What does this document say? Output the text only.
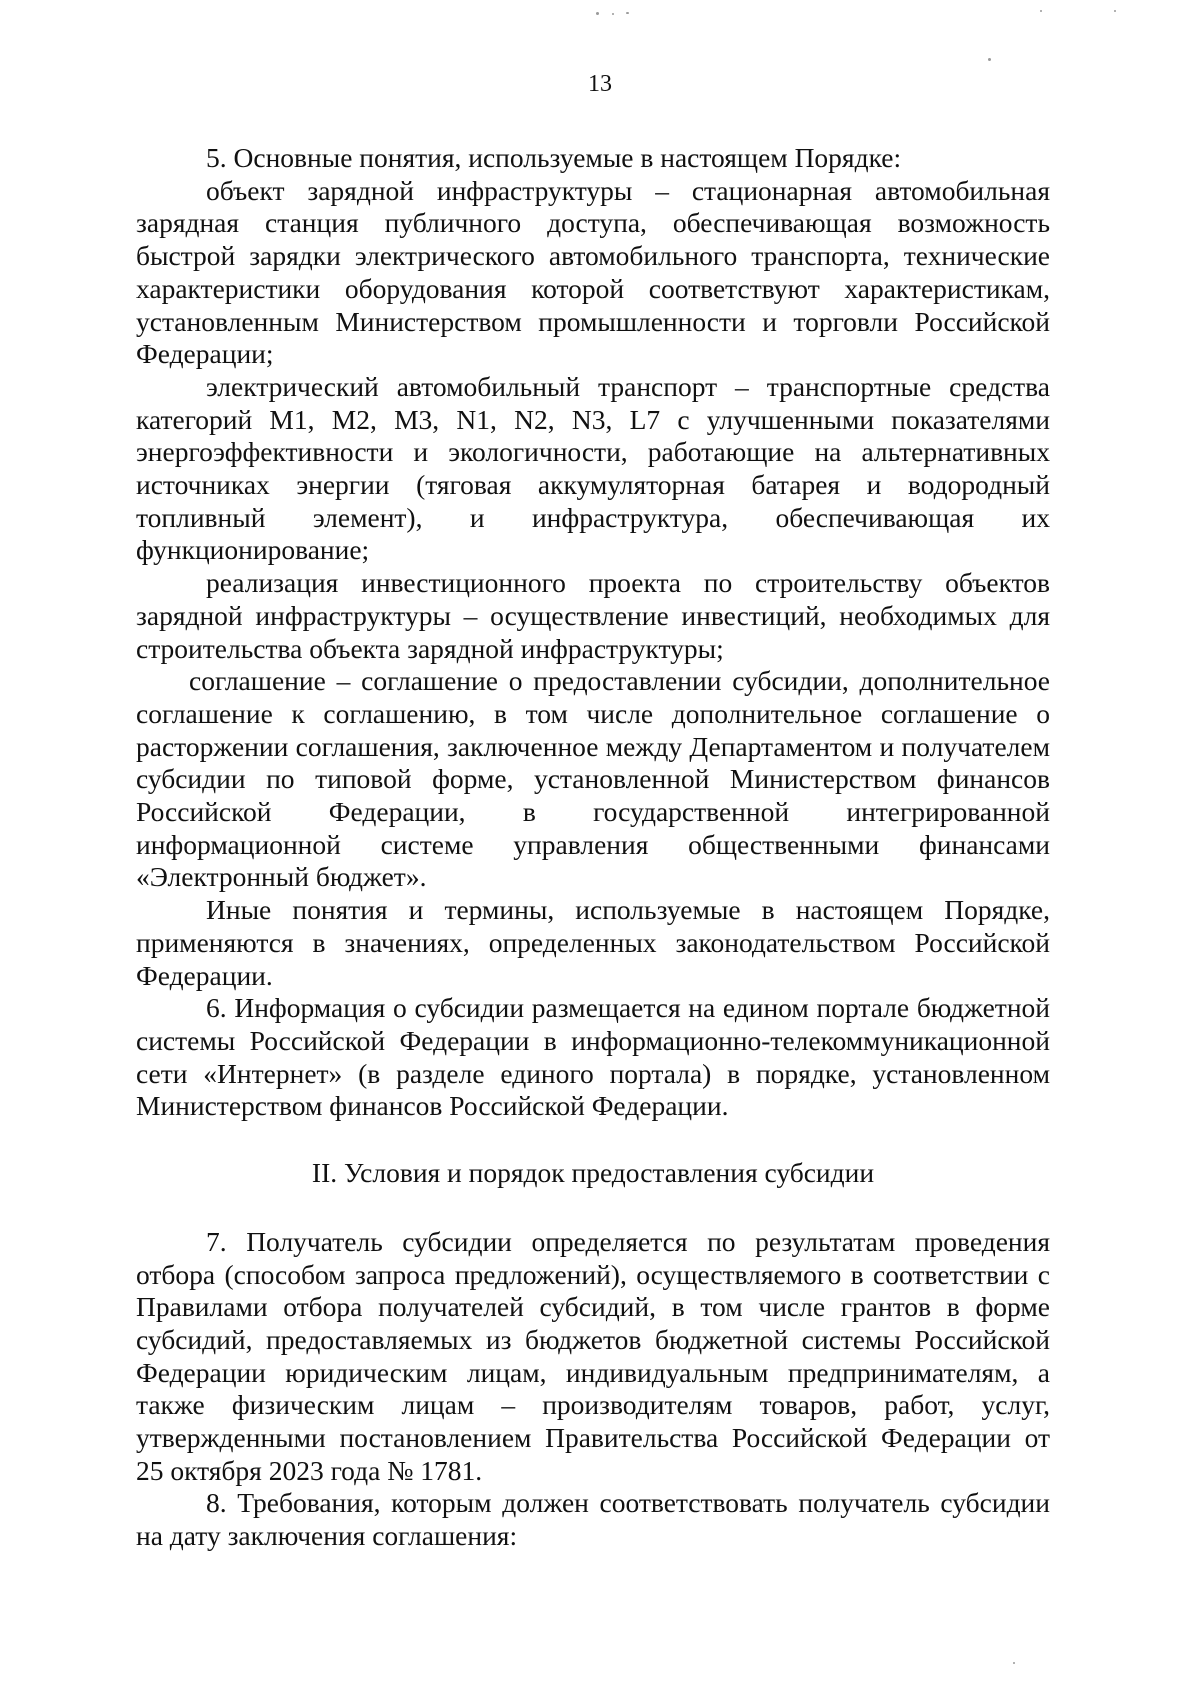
13

5. Основные понятия, используемые в настоящем Порядке:

объект зарядной инфраструктуры – стационарная автомобильная зарядная станция публичного доступа, обеспечивающая возможность быстрой зарядки электрического автомобильного транспорта, технические характеристики оборудования которой соответствуют характеристикам, установленным Министерством промышленности и торговли Российской Федерации;

электрический автомобильный транспорт – транспортные средства категорий M1, M2, M3, N1, N2, N3, L7 с улучшенными показателями энергоэффективности и экологичности, работающие на альтернативных источниках энергии (тяговая аккумуляторная батарея и водородный топливный элемент), и инфраструктура, обеспечивающая их функционирование;

реализация инвестиционного проекта по строительству объектов зарядной инфраструктуры – осуществление инвестиций, необходимых для строительства объекта зарядной инфраструктуры;

соглашение – соглашение о предоставлении субсидии, дополнительное соглашение к соглашению, в том числе дополнительное соглашение о расторжении соглашения, заключенное между Департаментом и получателем субсидии по типовой форме, установленной Министерством финансов Российской Федерации, в государственной интегрированной информационной системе управления общественными финансами «Электронный бюджет».

Иные понятия и термины, используемые в настоящем Порядке, применяются в значениях, определенных законодательством Российской Федерации.

6. Информация о субсидии размещается на едином портале бюджетной системы Российской Федерации в информационно-телекоммуникационной сети «Интернет» (в разделе единого портала) в порядке, установленном Министерством финансов Российской Федерации.

II. Условия и порядок предоставления субсидии

7. Получатель субсидии определяется по результатам проведения отбора (способом запроса предложений), осуществляемого в соответствии с Правилами отбора получателей субсидий, в том числе грантов в форме субсидий, предоставляемых из бюджетов бюджетной системы Российской Федерации юридическим лицам, индивидуальным предпринимателям, а также физическим лицам – производителям товаров, работ, услуг, утвержденными постановлением Правительства Российской Федерации от 25 октября 2023 года № 1781.

8. Требования, которым должен соответствовать получатель субсидии на дату заключения соглашения:
